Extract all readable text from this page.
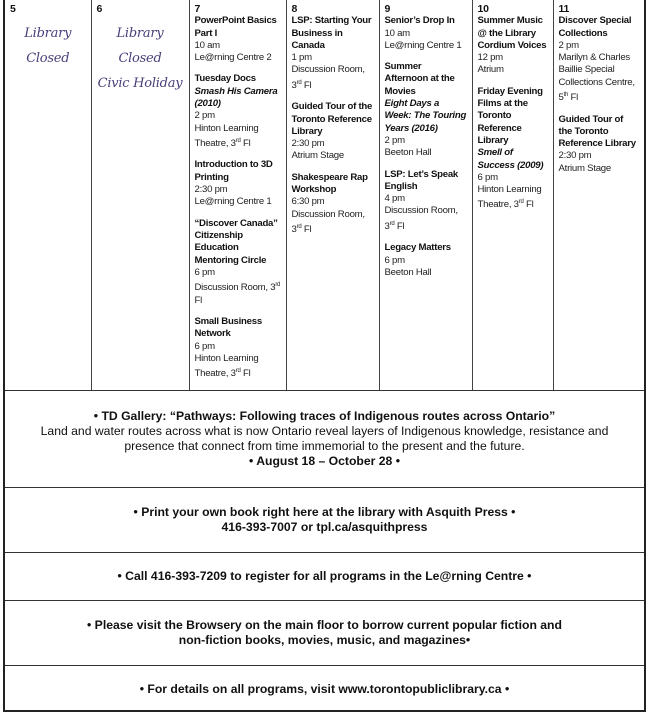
5
Library
Closed

6
Library
Closed
Civic Holiday

7
PowerPoint Basics Part I
10 am
Le@rning Centre 2
Tuesday Docs
Smash His Camera (2010)
2 pm
Hinton Learning Theatre, 3rd Fl
Introduction to 3D Printing
2:30 pm
Le@rning Centre 1
“Discover Canada” Citizenship Education Mentoring Circle
6 pm
Discussion Room, 3rd Fl
Small Business Network
6 pm
Hinton Learning Theatre, 3rd Fl

8
LSP: Starting Your Business in Canada
1 pm
Discussion Room, 3rd Fl
Guided Tour of the Toronto Reference Library
2:30 pm
Atrium Stage
Shakespeare Rap Workshop
6:30 pm
Discussion Room, 3rd Fl

9
Senior’s Drop In
10 am
Le@rning Centre 1
Summer Afternoon at the Movies
Eight Days a Week: The Touring Years (2016)
2 pm
Beeton Hall
LSP: Let’s Speak English
4 pm
Discussion Room, 3rd Fl
Legacy Matters
6 pm
Beeton Hall

10
Summer Music @ the Library Cordium Voices
12 pm
Atrium
Friday Evening Films at the Toronto Reference Library
Smell of Success (2009)
6 pm
Hinton Learning Theatre, 3rd Fl

11
Discover Special Collections
2 pm
Marilyn & Charles Baillie Special Collections Centre, 5th Fl
Guided Tour of the Toronto Reference Library
2:30 pm
Atrium Stage
• TD Gallery: “Pathways: Following traces of Indigenous routes across Ontario”
Land and water routes across what is now Ontario reveal layers of Indigenous knowledge, resistance and presence that connect from time immemorial to the present and the future.
• August 18 – October 28 •
• Print your own book right here at the library with Asquith Press •
416-393-7007 or tpl.ca/asquithpress
• Call 416-393-7209 to register for all programs in the Le@rning Centre •
• Please visit the Browsery on the main floor to borrow current popular fiction and non-fiction books, movies, music, and magazines•
• For details on all programs, visit www.torontopubliclibrary.ca •
